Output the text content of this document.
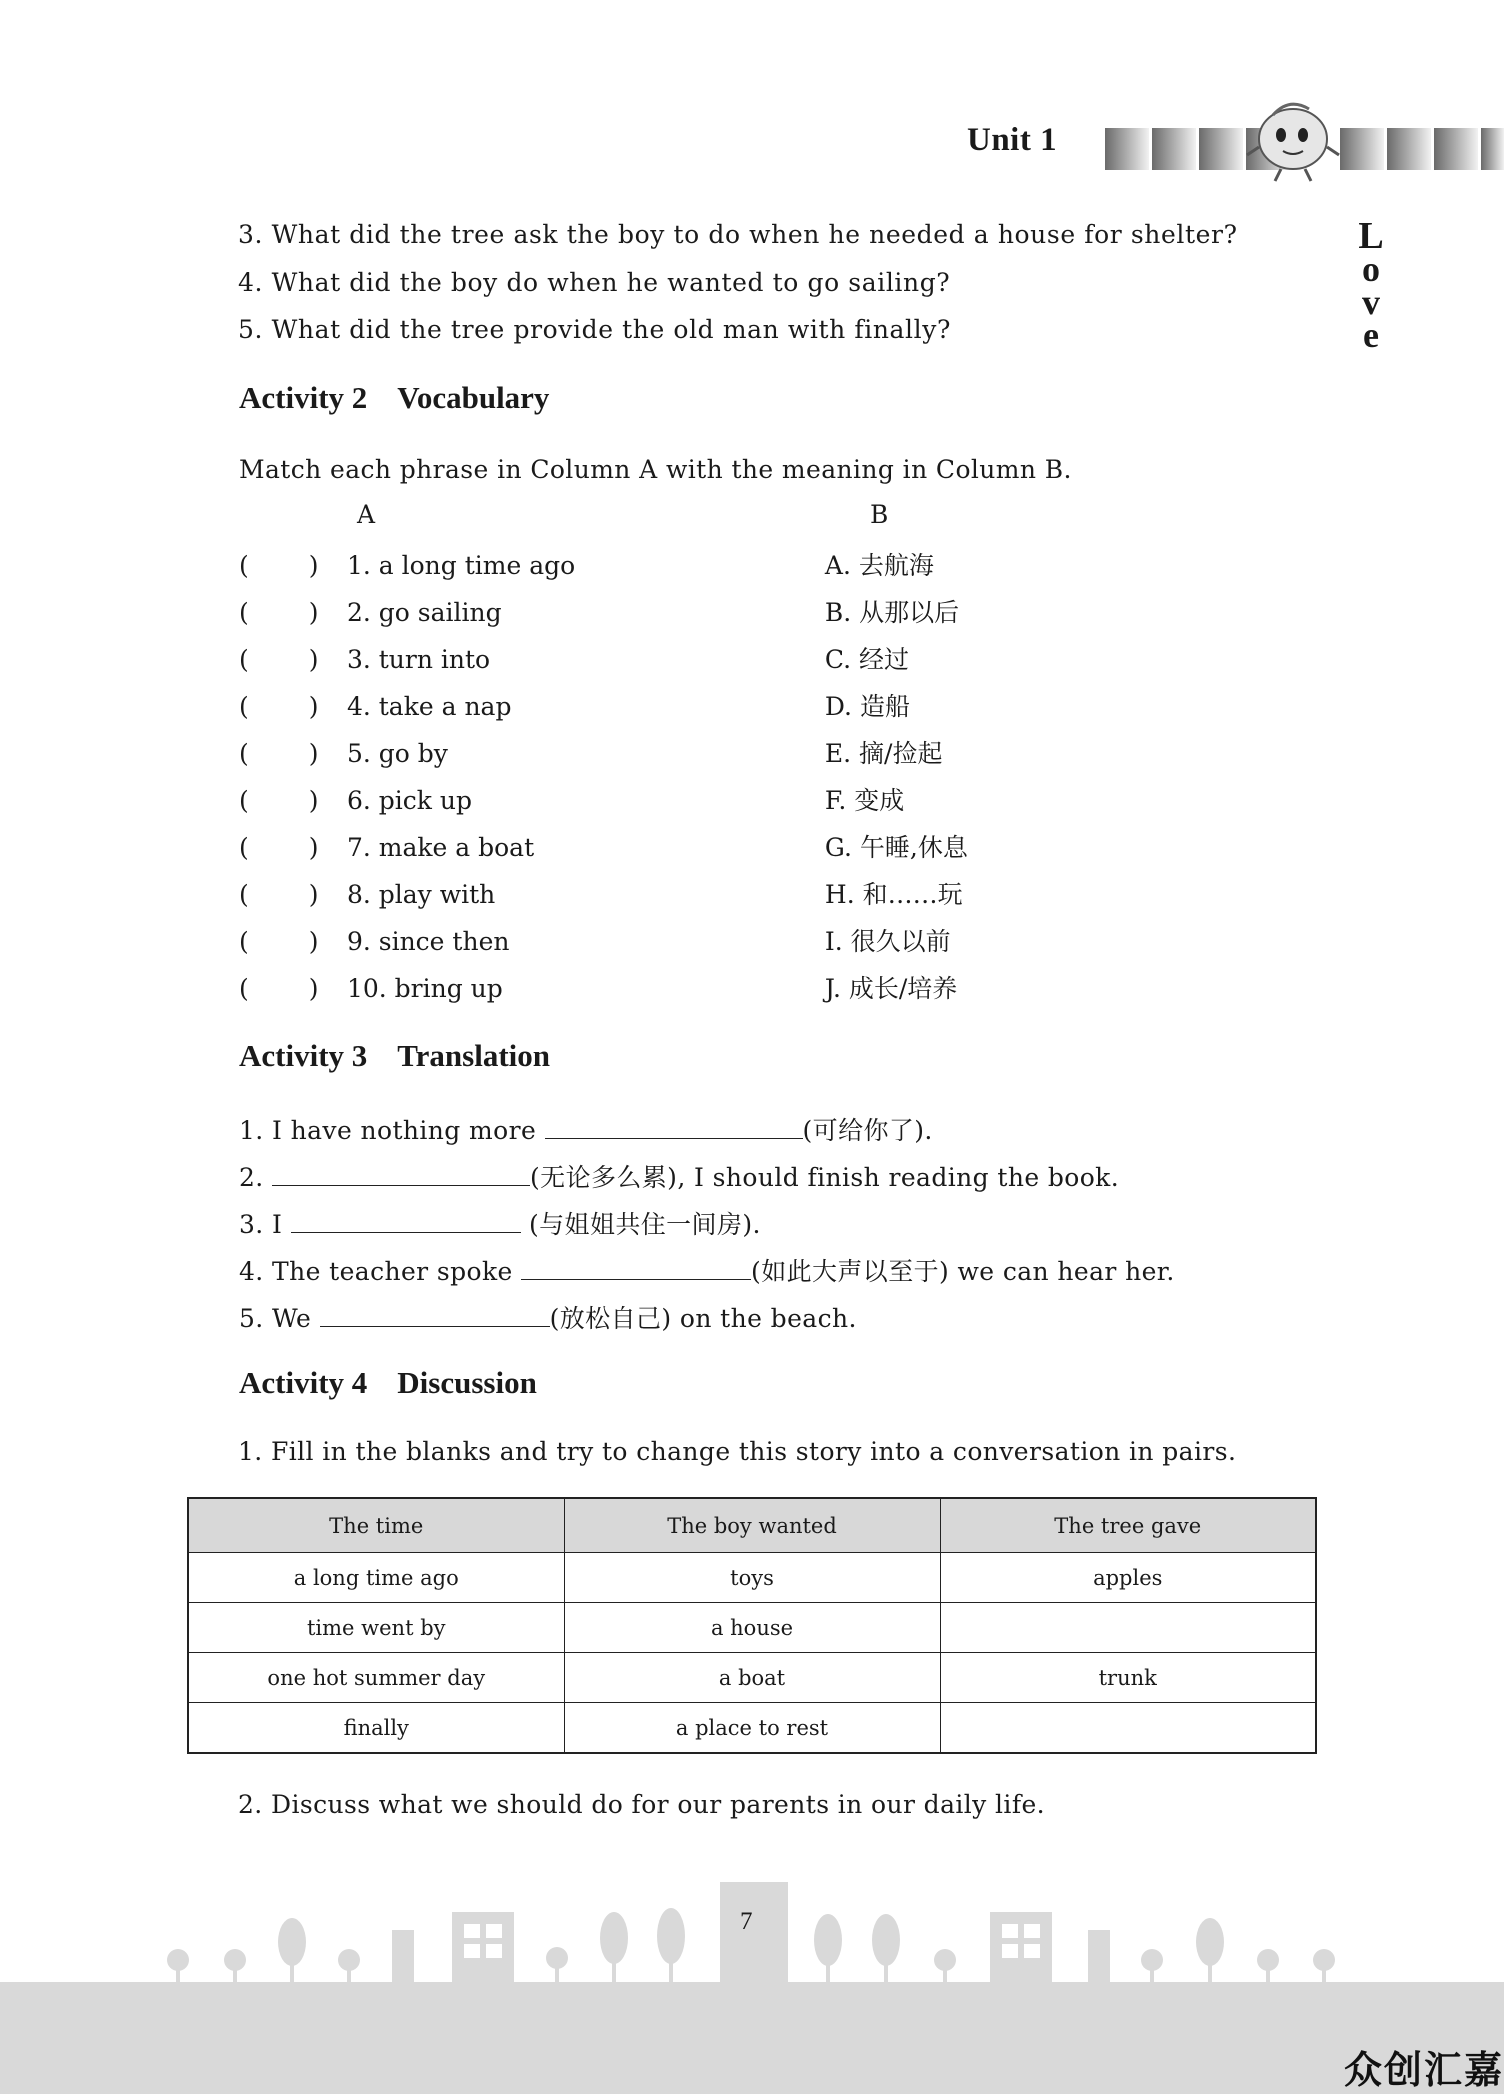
Unit 1
L
o
v
e
3. What did the tree ask the boy to do when he needed a house for shelter?
4. What did the boy do when he wanted to go sailing?
5. What did the tree provide the old man with finally?
Activity 2 Vocabulary
Match each phrase in Column A with the meaning in Column B.
A	B
( ) 1. a long time ago	A. 去航海
( ) 2. go sailing	B. 从那以后
( ) 3. turn into	C. 经过
( ) 4. take a nap	D. 造船
( ) 5. go by	E. 摘/捡起
( ) 6. pick up	F. 变成
( ) 7. make a boat	G. 午睡,休息
( ) 8. play with	H. 和……玩
( ) 9. since then	I. 很久以前
( ) 10. bring up	J. 成长/培养
Activity 3 Translation
1. I have nothing more	(可给你了).
2.	(无论多么累), I should finish reading the book.
3. I	(与姐姐共住一间房).
4. The teacher spoke	(如此大声以至于) we can hear her.
5. We	(放松自己) on the beach.
Activity 4 Discussion
1. Fill in the blanks and try to change this story into a conversation in pairs.
The time	The boy wanted	The tree gave
a long time ago	toys	apples
time went by	a house	
one hot summer day	a boat	trunk
finally	a place to rest	
2. Discuss what we should do for our parents in our daily life.
7
众创汇嘉
